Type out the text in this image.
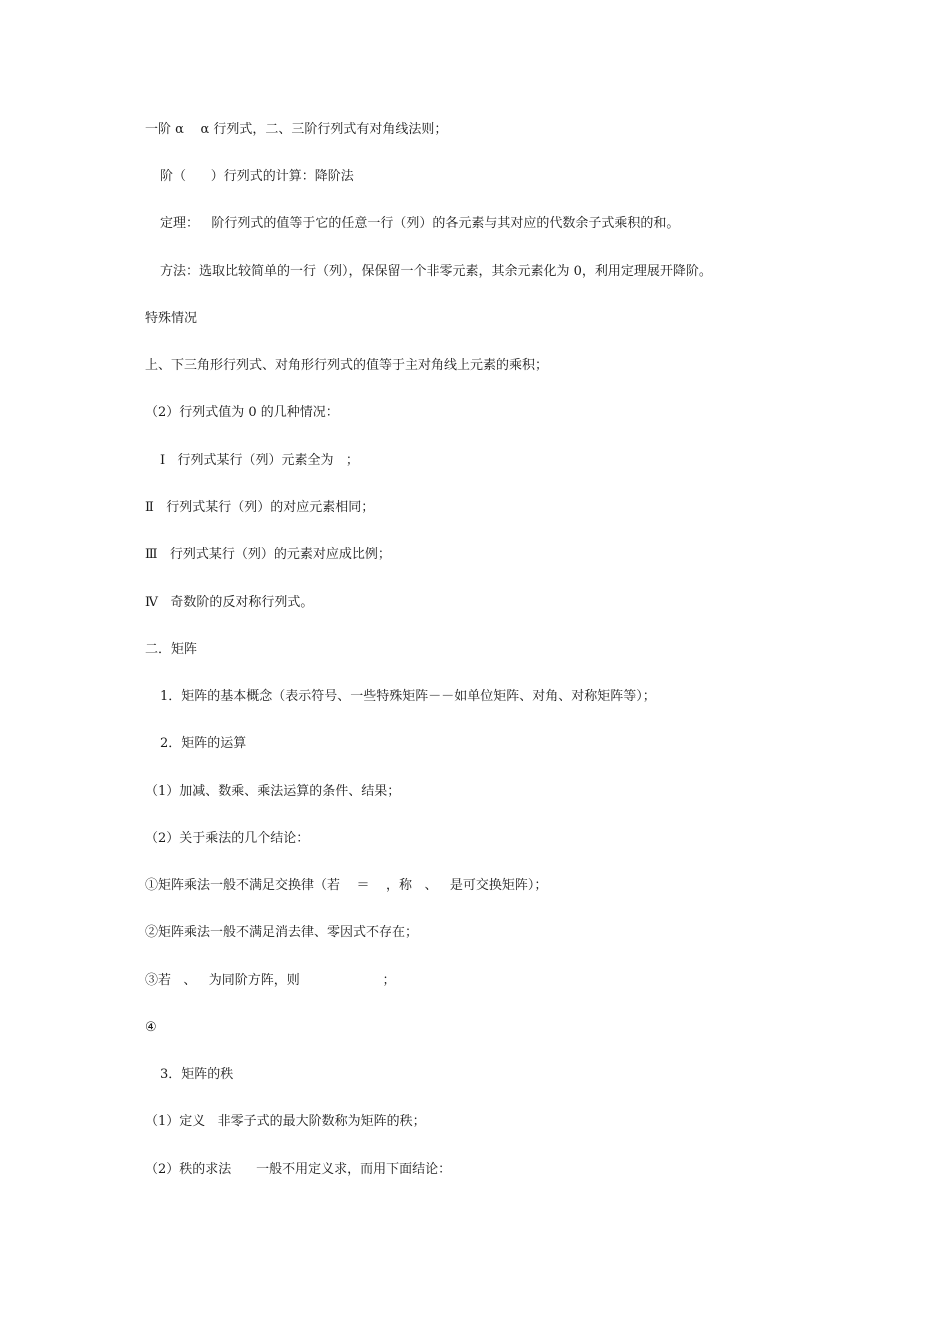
一阶 α    α 行列式，二、三阶行列式有对角线法则；
阶（      ）行列式的计算：降阶法
定理：   阶行列式的值等于它的任意一行（列）的各元素与其对应的代数余子式乘积的和。
方法：选取比较简单的一行（列），保保留一个非零元素，其余元素化为 0，利用定理展开降阶。
特殊情况
上、下三角形行列式、对角形行列式的值等于主对角线上元素的乘积；
（2）行列式值为 0 的几种情况：
Ⅰ   行列式某行（列）元素全为   ；
Ⅱ   行列式某行（列）的对应元素相同；
Ⅲ   行列式某行（列）的元素对应成比例；
Ⅳ   奇数阶的反对称行列式。
二．矩阵
1．矩阵的基本概念（表示符号、一些特殊矩阵－－如单位矩阵、对角、对称矩阵等）；
2．矩阵的运算
（1）加减、数乘、乘法运算的条件、结果；
（2）关于乘法的几个结论：
①矩阵乘法一般不满足交换律（若    ＝    ，称   、   是可交换矩阵）；
②矩阵乘法一般不满足消去律、零因式不存在；
③若   、   为同阶方阵，则                    ；
④
3．矩阵的秩
（1）定义   非零子式的最大阶数称为矩阵的秩；
（2）秩的求法      一般不用定义求，而用下面结论：
